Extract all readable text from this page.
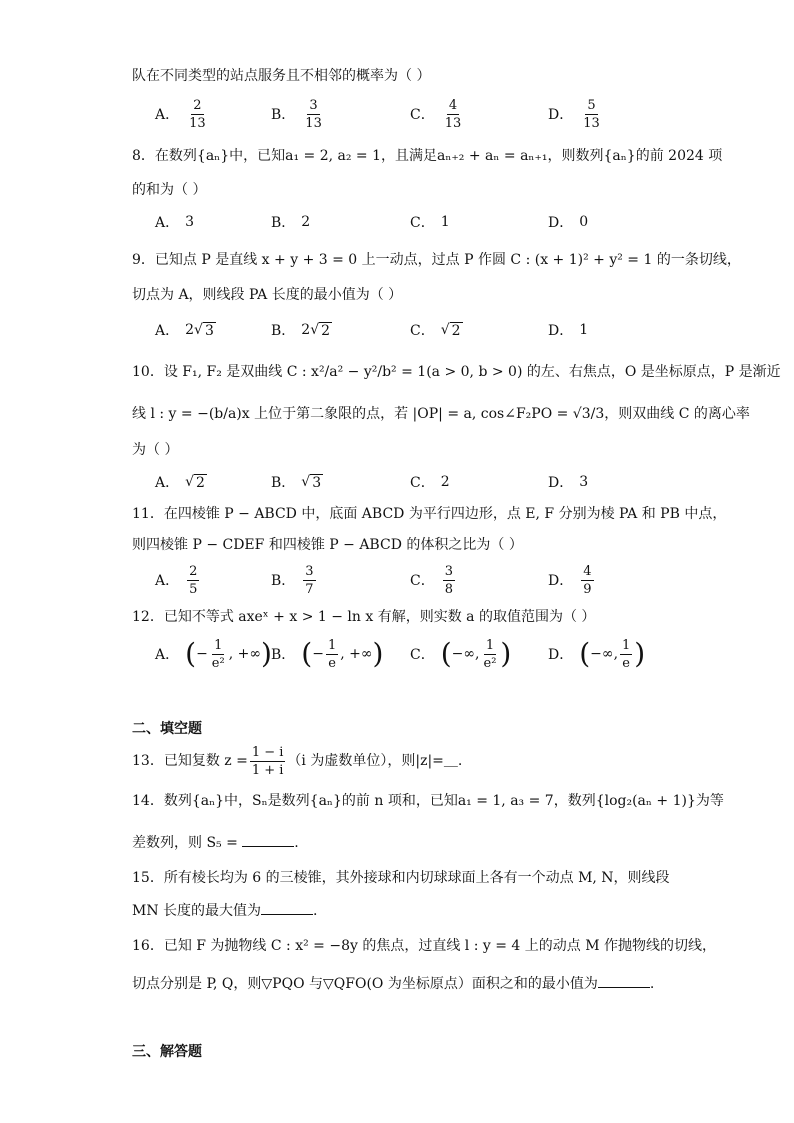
队在不同类型的站点服务且不相邻的概率为（ ）
A． $\frac{2}{13}$	B． $\frac{3}{13}$	C． $\frac{4}{13}$	D． $\frac{5}{13}$
8．在数列{aₙ}中，已知a₁ = 2, a₂ = 1，且满足aₙ₊₂ + aₙ = aₙ₊₁，则数列{aₙ}的前 2024 项
的和为（ ）
A． 3	B． 2	C． 1	D． 0
9．已知点 P 是直线 x + y + 3 = 0 上一动点，过点 P 作圆 C : (x + 1)² + y² = 1 的一条切线，
切点为 A，则线段 PA 长度的最小值为（ ）
A． 2 √ 3	B． 2 √ 2	C． √ 2	D． 1
10．设 F₁, F₂ 是双曲线 C : x²/a² − y²/b² = 1(a > 0, b > 0) 的左、右焦点，O 是坐标原点，P 是渐近
线 l : y = −(b/a)x 上位于第二象限的点，若 |OP| = a, cos∠F₂PO = √3/3，则双曲线 C 的离心率
为（ ）
A． √ 2	B． √ 3	C． 2	D． 3
11．在四棱锥 P − ABCD 中，底面 ABCD 为平行四边形，点 E, F 分别为棱 PA 和 PB 中点，
则四棱锥 P − CDEF 和四棱锥 P − ABCD 的体积之比为（ ）
A． $\frac{2}{5}$	B． $\frac{3}{7}$	C． $\frac{3}{8}$	D． $\frac{4}{9}$
12．已知不等式 axeˣ + x > 1 − ln x 有解，则实数 a 的取值范围为（ ）
A． ( − $\frac{1}{\text{e²}}$ , +∞ ) B． ( − $\frac{1}{e}$ , +∞ ) C． ( −∞, $\frac{1}{\text{e²}}$ )	D． ( −∞, $\frac{1}{e}$ )
二、填空题
13．已知复数 $z = \frac{1 - i}{1 + i} (i$ 为虚数单位），则|z|=＿.
14．数列{aₙ}中，Sₙ是数列{aₙ}的前 n 项和，已知a₁ = 1, a₃ = 7，数列{log₂(aₙ + 1)}为等
差数列，则 S₅ =	.
15．所有棱长均为 6 的三棱锥，其外接球和内切球球面上各有一个动点 M, N，则线段
MN 长度的最大值为	.
16．已知 F 为抛物线 C : x² = −8y 的焦点，过直线 l : y = 4 上的动点 M 作抛物线的切线，
切点分别是 P, Q，则▽PQO 与▽QFO(O 为坐标原点）面积之和的最小值为	.
三、解答题
